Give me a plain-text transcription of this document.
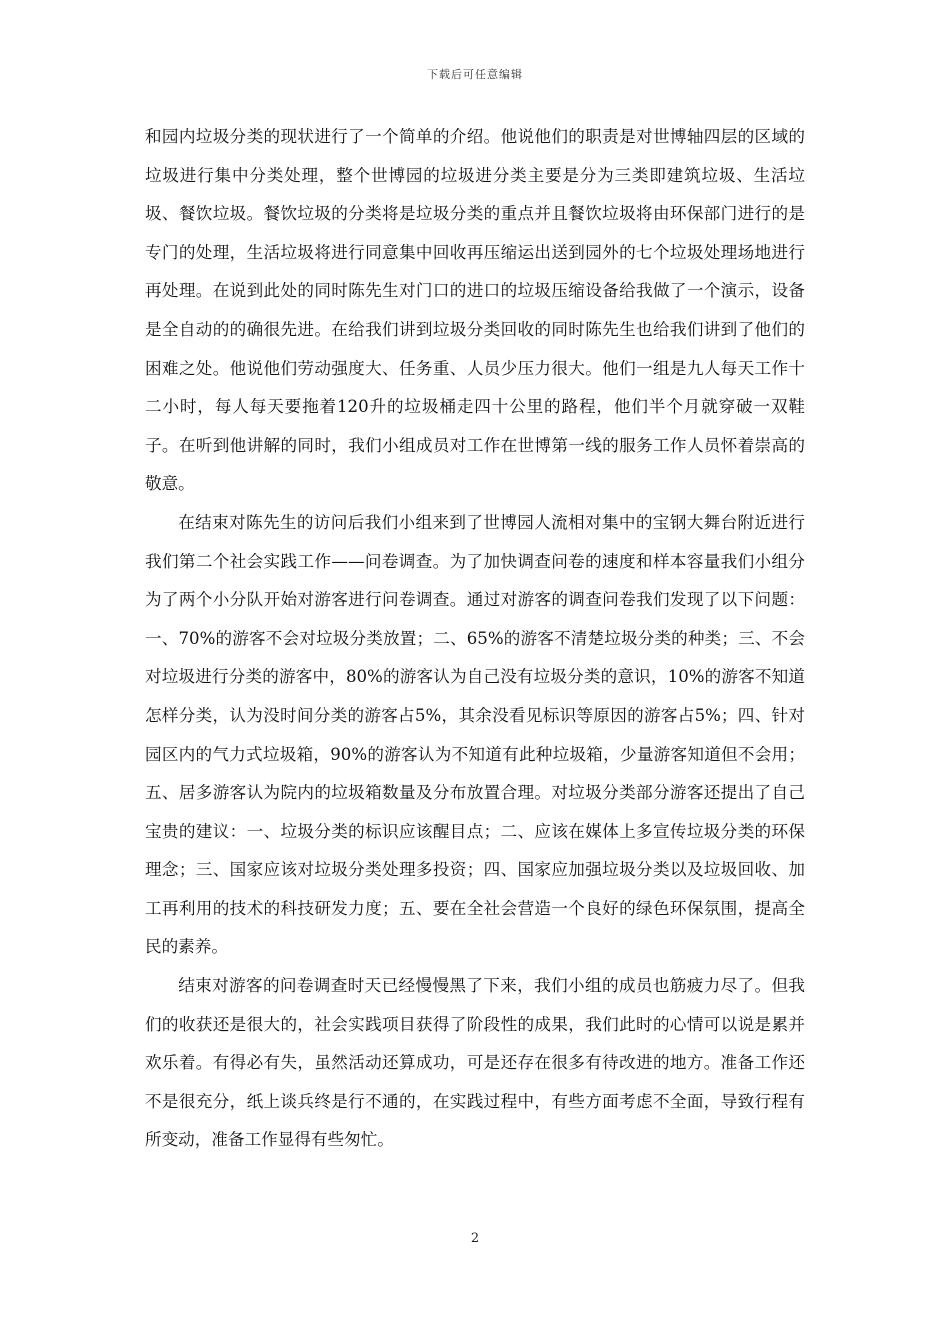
下载后可任意编辑

和园内垃圾分类的现状进行了一个简单的介绍。他说他们的职责是对世博轴四层的区域的垃圾进行集中分类处理，整个世博园的垃圾进分类主要是分为三类即建筑垃圾、生活垃圾、餐饮垃圾。餐饮垃圾的分类将是垃圾分类的重点并且餐饮垃圾将由环保部门进行的是专门的处理，生活垃圾将进行同意集中回收再压缩运出送到园外的七个垃圾处理场地进行再处理。在说到此处的同时陈先生对门口的进口的垃圾压缩设备给我做了一个演示，设备是全自动的的确很先进。在给我们讲到垃圾分类回收的同时陈先生也给我们讲到了他们的困难之处。他说他们劳动强度大、任务重、人员少压力很大。他们一组是九人每天工作十二小时，每人每天要拖着120升的垃圾桶走四十公里的路程，他们半个月就穿破一双鞋子。在听到他讲解的同时，我们小组成员对工作在世博第一线的服务工作人员怀着崇高的敬意。

在结束对陈先生的访问后我们小组来到了世博园人流相对集中的宝钢大舞台附近进行我们第二个社会实践工作——问卷调查。为了加快调查问卷的速度和样本容量我们小组分为了两个小分队开始对游客进行问卷调查。通过对游客的调查问卷我们发现了以下问题：一、70%的游客不会对垃圾分类放置；二、65%的游客不清楚垃圾分类的种类；三、不会对垃圾进行分类的游客中，80%的游客认为自己没有垃圾分类的意识，10%的游客不知道怎样分类，认为没时间分类的游客占5%，其余没看见标识等原因的游客占5%；四、针对园区内的气力式垃圾箱，90%的游客认为不知道有此种垃圾箱，少量游客知道但不会用；五、居多游客认为院内的垃圾箱数量及分布放置合理。对垃圾分类部分游客还提出了自己宝贵的建议：一、垃圾分类的标识应该醒目点；二、应该在媒体上多宣传垃圾分类的环保理念；三、国家应该对垃圾分类处理多投资；四、国家应加强垃圾分类以及垃圾回收、加工再利用的技术的科技研发力度；五、要在全社会营造一个良好的绿色环保氛围，提高全民的素养。

结束对游客的问卷调查时天已经慢慢黑了下来，我们小组的成员也筋疲力尽了。但我们的收获还是很大的，社会实践项目获得了阶段性的成果，我们此时的心情可以说是累并欢乐着。有得必有失，虽然活动还算成功，可是还存在很多有待改进的地方。准备工作还不是很充分，纸上谈兵终是行不通的，在实践过程中，有些方面考虑不全面，导致行程有所变动，准备工作显得有些匆忙。

2
